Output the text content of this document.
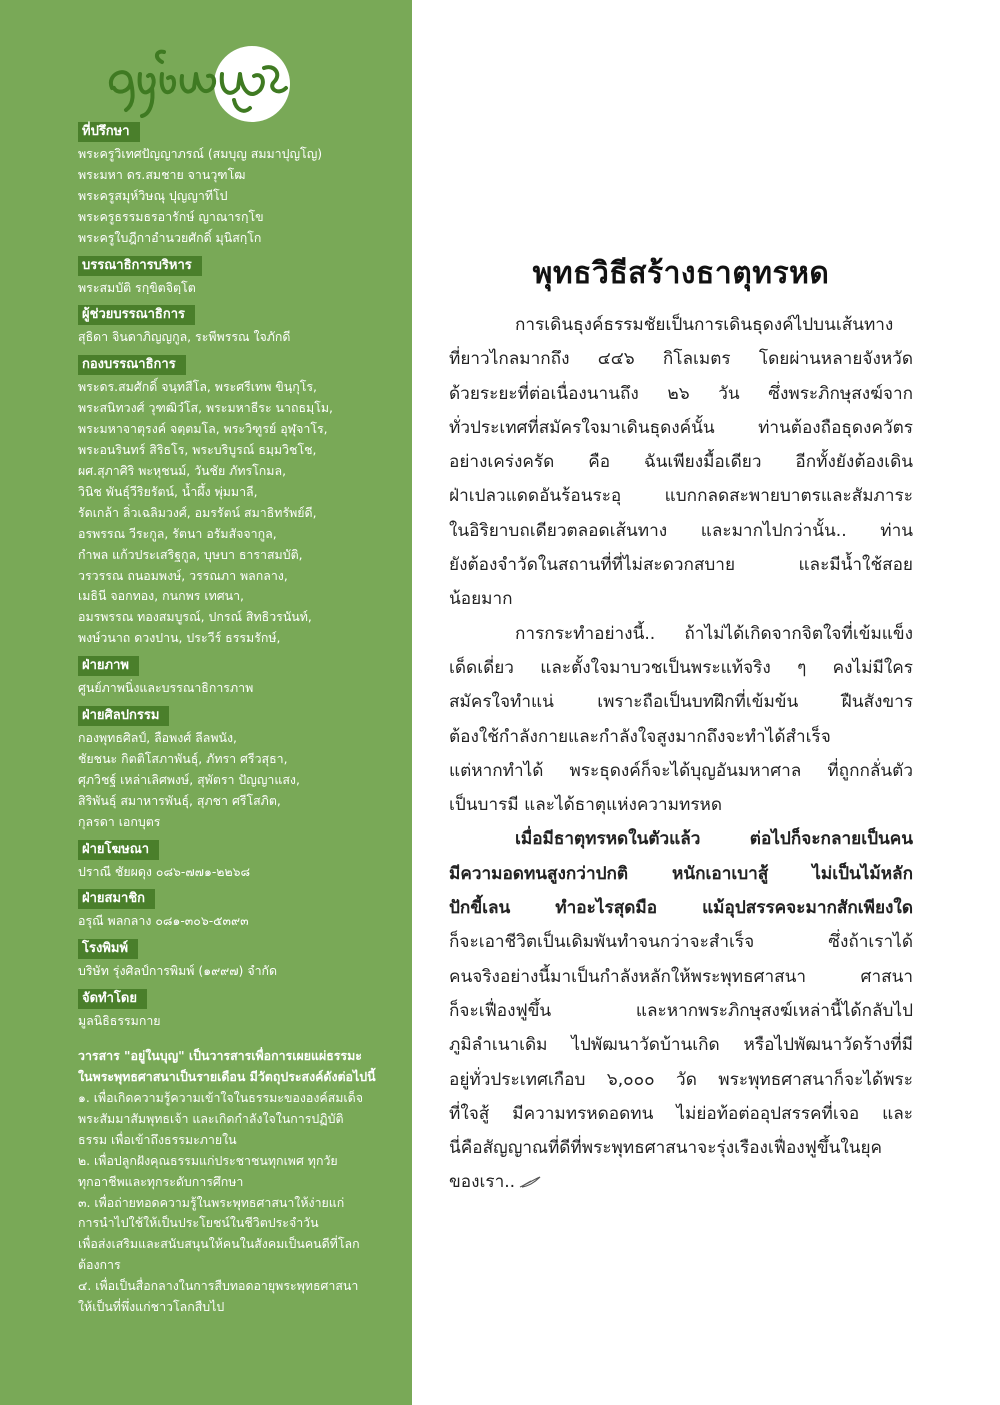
ที่ปรึกษา
พระครูวิเทศปัญญาภรณ์ (สมบุญ สมมาปุญโญ)
พระมหา ดร.สมชาย จานวุฑโฒ
พระครูสมุห์วิษณุ ปุญญาทีโป
พระครูธรรมธรอารักษ์ ญาณารกฺโข
พระครูใบฎีกาอำนวยศักดิ์ มุนิสกฺโก
บรรณาธิการบริหาร
พระสมบัติ รกฺขิตจิตฺโต
ผู้ช่วยบรรณาธิการ
สุธิดา จินดาภิญญกูล, ระพีพรรณ ใจภักดี
กองบรรณาธิการ
พระดร.สมศักดิ์ จนฺทสีโล, พระศรีเทพ ขินฺกุโร,
พระสนิทวงศ์ วุฑฒิวํโส, พระมหาธีระ นาถธมฺโม,
พระมหาจาตุรงค์ จตฺตมโล, พระวิฑูรย์ อุฬุจาโร,
พระอนรินทร์ สิริธโร, พระบริบูรณ์ ธมฺมวิชโช,
ผศ.สุภาศิริ พะหุชนม์, วันชัย ภัทรโกมล,
วินิช พันธุ์วีริยรัตน์, น้ำผึ้ง พุ่มมาลี,
รัดเกล้า ลิ่วเฉลิมวงศ์, อมรรัตน์ สมาธิทรัพย์ดี,
อรพรรณ วีระกูล, รัตนา อรัมสัจจากูล,
กำพล แก้วประเสริฐกูล, บุษบา ธาราสมบัติ,
วรวรรณ ถนอมพงษ์, วรรณภา พลกลาง,
เมธินี จอกทอง, กนกพร เทศนา,
อมรพรรณ ทองสมบูรณ์, ปกรณ์ สิทธิวรนันท์,
พงษ์วนาถ ดวงปาน, ประวีร์ ธรรมรักษ์,
ฝ่ายภาพ
ศูนย์ภาพนิ่งและบรรณาธิการภาพ
ฝ่ายศิลปกรรม
กองพุทธศิลป์, ลือพงศ์ ลีลพนัง,
ชัยชนะ กิตติโสภาพันธุ์, ภัทรา ศรีวสุธา,
ศุภวิชฐ์ เหล่าเลิศพงษ์, สุพัตรา ปัญญาแสง,
สิริพันธุ์ สมาหารพันธุ์, สุภชา ศรีโสภิต,
กุลรดา เอกบุตร
ฝ่ายโฆษณา
ปราณี ชัยผดุง ๐๘๖-๗๗๑-๒๒๖๘
ฝ่ายสมาชิก
อรุณี พลกลาง ๐๘๑-๓๐๖-๕๓๙๓
โรงพิมพ์
บริษัท รุ่งศิลป์การพิมพ์ (๑๙๙๗) จำกัด
จัดทำโดย
มูลนิธิธรรมกาย
วารสาร "อยู่ในบุญ" เป็นวารสารเพื่อการเผยแผ่ธรรมะ
ในพระพุทธศาสนาเป็นรายเดือน มีวัตถุประสงค์ดังต่อไปนี้
๑. เพื่อเกิดความรู้ความเข้าใจในธรรมะขององค์สมเด็จ
พระสัมมาสัมพุทธเจ้า และเกิดกำลังใจในการปฏิบัติ
ธรรม เพื่อเข้าถึงธรรมะภายใน
๒. เพื่อปลูกฝังคุณธรรมแก่ประชาชนทุกเพศ ทุกวัย
ทุกอาชีพและทุกระดับการศึกษา
๓. เพื่อถ่ายทอดความรู้ในพระพุทธศาสนาให้ง่ายแก่
การนำไปใช้ให้เป็นประโยชน์ในชีวิตประจำวัน
เพื่อส่งเสริมและสนับสนุนให้คนในสังคมเป็นคนดีที่โลก
ต้องการ
๔. เพื่อเป็นสื่อกลางในการสืบทอดอายุพระพุทธศาสนา
ให้เป็นที่พึ่งแก่ชาวโลกสืบไป
พุทธวิธีสร้างธาตุทรหด
การเดินธุงค์ธรรมชัยเป็นการเดินธุดงค์ไปบนเส้นทาง
ที่ยาวไกลมากถึง ๔๔๖ กิโลเมตร โดยผ่านหลายจังหวัด
ด้วยระยะที่ต่อเนื่องนานถึง ๒๖ วัน ซึ่งพระภิกษุสงฆ์จาก
ทั่วประเทศที่สมัครใจมาเดินธุดงค์นั้น ท่านต้องถือธุดงควัตร
อย่างเคร่งครัด คือ ฉันเพียงมื้อเดียว อีกทั้งยังต้องเดิน
ฝ่าเปลวแดดอันร้อนระอุ แบกกลดสะพายบาตรและสัมภาระ
ในอิริยาบถเดียวตลอดเส้นทาง และมากไปกว่านั้น.. ท่าน
ยังต้องจำวัดในสถานที่ที่ไม่สะดวกสบาย และมีน้ำใช้สอย
น้อยมาก
การกระทำอย่างนี้.. ถ้าไม่ได้เกิดจากจิตใจที่เข้มแข็ง
เด็ดเดี่ยว และตั้งใจมาบวชเป็นพระแท้จริง ๆ คงไม่มีใคร
สมัครใจทำแน่ เพราะถือเป็นบทฝึกที่เข้มข้น ฝืนสังขาร
ต้องใช้กำลังกายและกำลังใจสูงมากถึงจะทำได้สำเร็จ
แต่หากทำได้ พระธุดงค์ก็จะได้บุญอันมหาศาล ที่ถูกกลั่นตัว
เป็นบารมี และได้ธาตุแห่งความทรหด
เมื่อมีธาตุทรหดในตัวแล้ว ต่อไปก็จะกลายเป็นคน
มีความอดทนสูงกว่าปกติ หนักเอาเบาสู้ ไม่เป็นไม้หลัก
ปักขี้เลน ทำอะไรสุดมือ แม้อุปสรรคจะมากสักเพียงใด
ก็จะเอาชีวิตเป็นเดิมพันทำจนกว่าจะสำเร็จ ซึ่งถ้าเราได้
คนจริงอย่างนี้มาเป็นกำลังหลักให้พระพุทธศาสนา ศาสนา
ก็จะเฟื่องฟูขึ้น และหากพระภิกษุสงฆ์เหล่านี้ได้กลับไป
ภูมิลำเนาเดิม ไปพัฒนาวัดบ้านเกิด หรือไปพัฒนาวัดร้างที่มี
อยู่ทั่วประเทศเกือบ ๖,๐๐๐ วัด พระพุทธศาสนาก็จะได้พระ
ที่ใจสู้ มีความทรหดอดทน ไม่ย่อท้อต่ออุปสรรคที่เจอ และ
นี่คือสัญญาณที่ดีที่พระพุทธศาสนาจะรุ่งเรืองเฟื่องฟูขึ้นในยุค
ของเรา..
